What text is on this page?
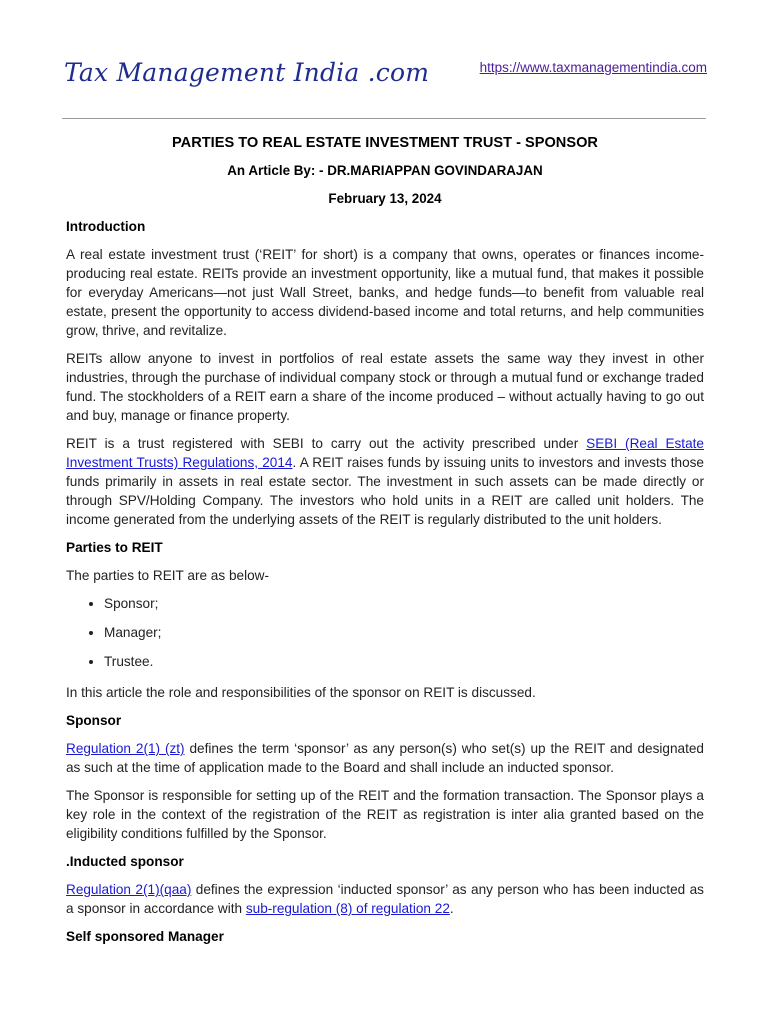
Tax Management India .com	https://www.taxmanagementindia.com
PARTIES TO REAL ESTATE INVESTMENT TRUST - SPONSOR
An Article By: - DR.MARIAPPAN GOVINDARAJAN
February 13, 2024
Introduction

A real estate investment trust (‘REIT’ for short) is a company that owns, operates or finances income-producing real estate. REITs provide an investment opportunity, like a mutual fund, that makes it possible for everyday Americans—not just Wall Street, banks, and hedge funds—to benefit from valuable real estate, present the opportunity to access dividend-based income and total returns, and help communities grow, thrive, and revitalize.

REITs allow anyone to invest in portfolios of real estate assets the same way they invest in other industries, through the purchase of individual company stock or through a mutual fund or exchange traded fund. The stockholders of a REIT earn a share of the income produced – without actually having to go out and buy, manage or finance property.

REIT is a trust registered with SEBI to carry out the activity prescribed under SEBI (Real Estate Investment Trusts) Regulations, 2014. A REIT raises funds by issuing units to investors and invests those funds primarily in assets in real estate sector. The investment in such assets can be made directly or through SPV/Holding Company. The investors who hold units in a REIT are called unit holders. The income generated from the underlying assets of the REIT is regularly distributed to the unit holders.

Parties to REIT

The parties to REIT are as below-

• Sponsor;
• Manager;
• Trustee.

In this article the role and responsibilities of the sponsor on REIT is discussed.

Sponsor

Regulation 2(1) (zt) defines the term ‘sponsor’ as any person(s) who set(s) up the REIT and designated as such at the time of application made to the Board and shall include an inducted sponsor.

The Sponsor is responsible for setting up of the REIT and the formation transaction. The Sponsor plays a key role in the context of the registration of the REIT as registration is inter alia granted based on the eligibility conditions fulfilled by the Sponsor.

.Inducted sponsor

Regulation 2(1)(qaa) defines the expression ‘inducted sponsor’ as any person who has been inducted as a sponsor in accordance with sub-regulation (8) of regulation 22.

Self sponsored Manager
